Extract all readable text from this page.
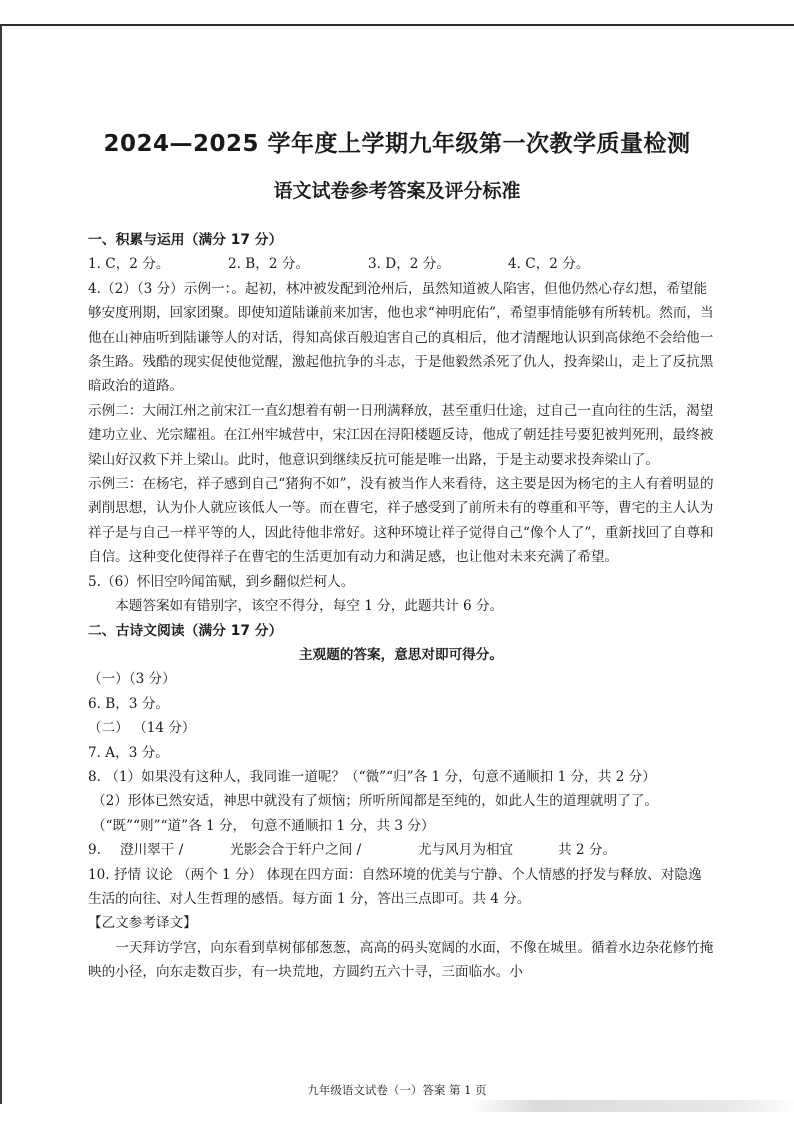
2024—2025 学年度上学期九年级第一次教学质量检测
语文试卷参考答案及评分标准

一、积累与运用（满分 17 分）

1. C，2 分。	2. B，2 分。	3. D，2 分。	4. C，2 分。

4.（2）（3 分）示例一：。起初，林冲被发配到沧州后，虽然知道被人陷害，但他仍然心存幻想，希望能够安度刑期，回家团聚。即使知道陆谦前来加害，他也求“神明庇佑”，希望事情能够有所转机。然而，当他在山神庙听到陆谦等人的对话，得知高俅百般迫害自己的真相后，他才清醒地认识到高俅绝不会给他一条生路。残酷的现实促使他觉醒，激起他抗争的斗志，于是他毅然杀死了仇人，投奔梁山，走上了反抗黑暗政治的道路。

示例二：大闹江州之前宋江一直幻想着有朝一日刑满释放，甚至重归仕途，过自己一直向往的生活，渴望建功立业、光宗耀祖。在江州牢城营中，宋江因在浔阳楼题反诗，他成了朝廷挂号要犯被判死刑，最终被梁山好汉救下并上梁山。此时，他意识到继续反抗可能是唯一出路，于是主动要求投奔梁山了。

示例三：在杨宅，祥子感到自己“猪狗不如”，没有被当作人来看待，这主要是因为杨宅的主人有着明显的剥削思想，认为仆人就应该低人一等。而在曹宅，祥子感受到了前所未有的尊重和平等，曹宅的主人认为祥子是与自己一样平等的人，因此待他非常好。这种环境让祥子觉得自己“像个人了”，重新找回了自尊和自信。这种变化使得祥子在曹宅的生活更加有动力和满足感，也让他对未来充满了希望。

5.（6）怀旧空吟闻笛赋，到乡翻似烂柯人。

本题答案如有错别字，该空不得分，每空 1 分，此题共计 6 分。

二、古诗文阅读（满分 17 分）

主观题的答案，意思对即可得分。

（一）（3 分）

6. B，3 分。

（二） （14 分）

7. A，3 分。

8. （1）如果没有这种人，我同谁一道呢？（“微”“归”各 1 分，句意不通顺扣 1 分，共 2 分）

（2）形体已然安适，神思中就没有了烦恼；所听所闻都是至纯的，如此人生的道理就明了了。（“既”“则”“道”各 1 分， 句意不通顺扣 1 分，共 3 分）

9.	澄川翠干 /	光影会合于轩户之间 /	尤与风月为相宜	共 2 分。

10. 抒情 议论 （两个 1 分） 体现在四方面：自然环境的优美与宁静、个人情感的抒发与释放、对隐逸生活的向往、对人生哲理的感悟。每方面 1 分，答出三点即可。共 4 分。

【乙文参考译文】

一天拜访学宫，向东看到草树郁郁葱葱，高高的码头宽阔的水面，不像在城里。循着水边杂花修竹掩映的小径，向东走数百步，有一块荒地，方圆约五六十寻，三面临水。小

九年级语文试卷（一）答案 第 1 页
